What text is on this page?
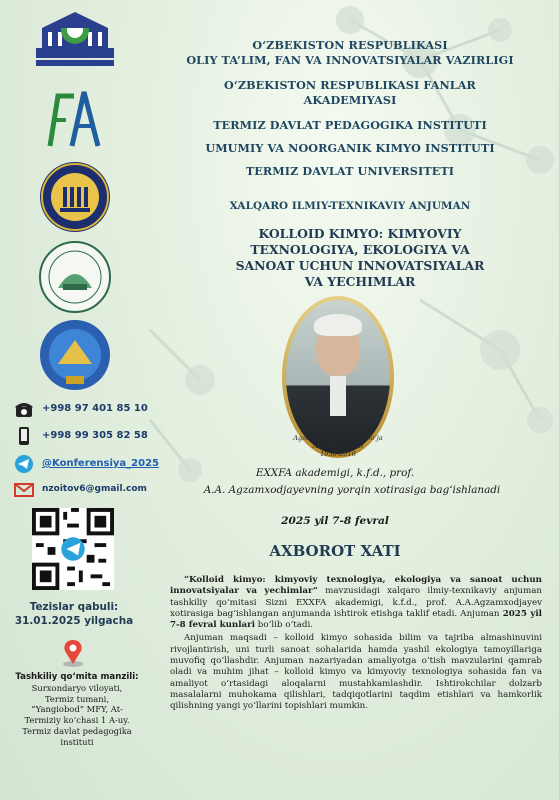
O‘ZBEKISTON RESPUBLIKASI
OLIY TA’LIM, FAN VA INNOVATSIYALAR VAZIRLIGI
O‘ZBEKISTON RESPUBLIKASI FANLAR
AKADEMIYASI
TERMIZ DAVLAT PEDAGOGIKA INSTITUTI
UMUMIY VA NOORGANIK KIMYO INSTITUTI
TERMIZ DAVLAT UNIVERSITETI
XALQARO ILMIY-TEXNIKAVIY ANJUMAN
KOLLOID KIMYO: KIMYOVIY
TEXNOLOGIYA, EKOLOGIYA VA
SANOAT UCHUN INNOVATSIYALAR
VA YECHIMLAR
Agzamxodjayev Anvarxo‘ja
Ataxodjayevich
1938-2016
EXXFA akademigi, k.f.d., prof.
A.A. Agzamxodjayevning yorqin xotirasiga bag‘ishlanadi
2025 yil 7-8 fevral
AXBOROT XATI
+998 97 401 85 10
+998 99 305 82 58
@Konferensiya_2025
nzoitov6@gmail.com
Tezislar qabuli:
31.01.2025 yilgacha
Tashkiliy qo‘mita manzili:
Surxondaryo viloyati,
Termiz tumani,
“Yangiobod” MFY, At-
Termiziy ko‘chasi 1 A-uy.
Termiz davlat pedagogika
instituti

“Kolloid kimyo: kimyoviy texnologiya, ekologiya va sanoat uchun innovatsiyalar va yechimlar” mavzusidagi xalqaro ilmiy-texnikaviy anjuman tashkiliy qo‘mitasi Sizni EXXFA akademigi, k.f.d., prof. A.A.Agzamxodjayev xotirasiga bag‘ishlangan anjumanda ishtirok etishga taklif etadi. Anjuman 2025 yil 7-8 fevral kunlari bo‘lib o‘tadi.

Anjuman maqsadi – kolloid kimyo sohasida bilim va tajriba almashinuvini rivojlantirish, uni turli sanoat sohalarida hamda yashil ekologiya tamoyillariga muvofiq qo‘llashdir. Anjuman nazariyadan amaliyotga o‘tish mavzularini qamrab oladi va muhim jihat – kolloid kimyo va kimyoviy texnologiya sohasida fan va amaliyot o‘rtasidagi aloqalarni mustahkamlashdir. Ishtirokchilar dolzarb masalalarni muhokama qilishlari, tadqiqotlarini taqdim etishlari va hamkorlik qilishning yangi yo‘llarini topishlari mumkin.
